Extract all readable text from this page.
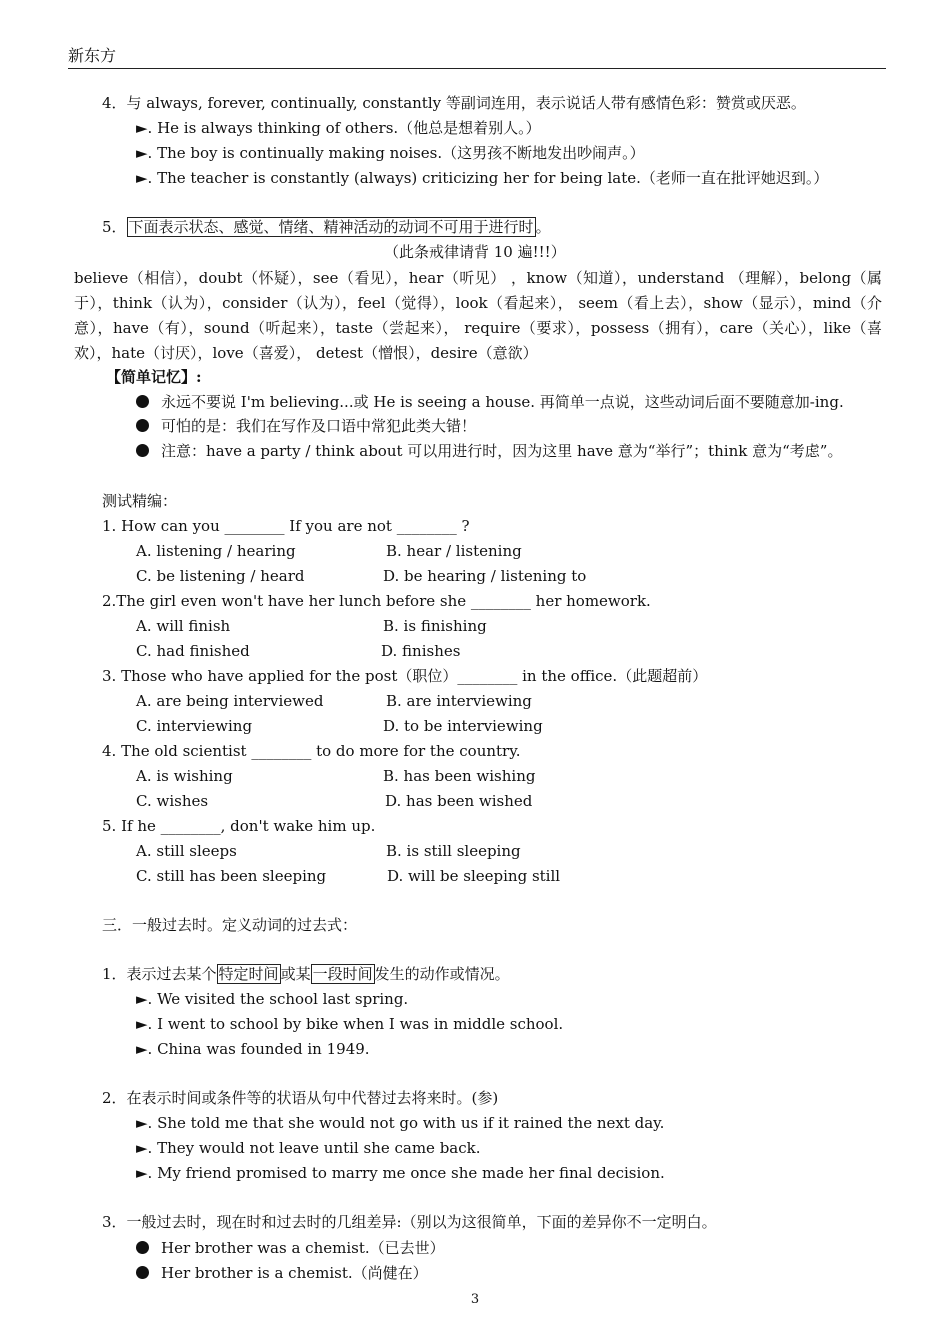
新东方
4．与 always, forever, continually, constantly 等副词连用，表示说话人带有感情色彩：赞赏或厌恶。
►. He is always thinking of others.（他总是想着别人。）
►. The boy is continually making noises.（这男孩不断地发出吵闹声。）
►. The teacher is constantly (always) criticizing her for being late.（老师一直在批评她迟到。）
5． 下面表示状态、感觉、情绪、精神活动的动词不可用于进行时 。
（此条戒律请背 10 遍!!!）
believe（相信），doubt（怀疑），see（看见），hear（听见） ，know（知道），understand （理解），belong（属于），think（认为），consider（认为），feel（觉得），look（看起来）， seem（看上去），show（显示），mind（介意），have（有），sound（听起来），taste（尝起来）， require（要求），possess（拥有），care（关心），like（喜欢），hate（讨厌），love（喜爱）， detest（憎恨），desire（意欲）
【简单记忆】:
永远不要说 I'm believing...或 He is seeing a house. 再简单一点说，这些动词后面不要随意加-ing.
可怕的是：我们在写作及口语中常犯此类大错！
注意：have a party / think about 可以用进行时，因为这里 have 意为“举行”；think 意为“考虑”。
测试精编：
1. How can you ________ If you are not ________ ?
A. listening / hearing	B. hear / listening
C. be listening / heard	D. be hearing / listening to
2.The girl even won't have her lunch before she ________ her homework.
A. will finish	B. is finishing
C. had finished	D. finishes
3. Those who have applied for the post（职位）________ in the office.（此题超前）
A. are being interviewed	B. are interviewing
C. interviewing	D. to be interviewing
4. The old scientist ________ to do more for the country.
A. is wishing	B. has been wishing
C. wishes	D. has been wished
5. If he ________, don't wake him up.
A. still sleeps	B. is still sleeping
C. still has been sleeping	D. will be sleeping still
三．一般过去时。定义动词的过去式：
1．表示过去某个 特定时间 或某 一段时间 发生的动作或情况。
►. We visited the school last spring.
►. I went to school by bike when I was in middle school.
►. China was founded in 1949.
2．在表示时间或条件等的状语从句中代替过去将来时。(参)
►. She told me that she would not go with us if it rained the next day.
►. They would not leave until she came back.
►. My friend promised to marry me once she made her final decision.
3．一般过去时，现在时和过去时的几组差异:（别以为这很简单，下面的差异你不一定明白。
Her brother was a chemist.（已去世）
Her brother is a chemist.（尚健在）
3
